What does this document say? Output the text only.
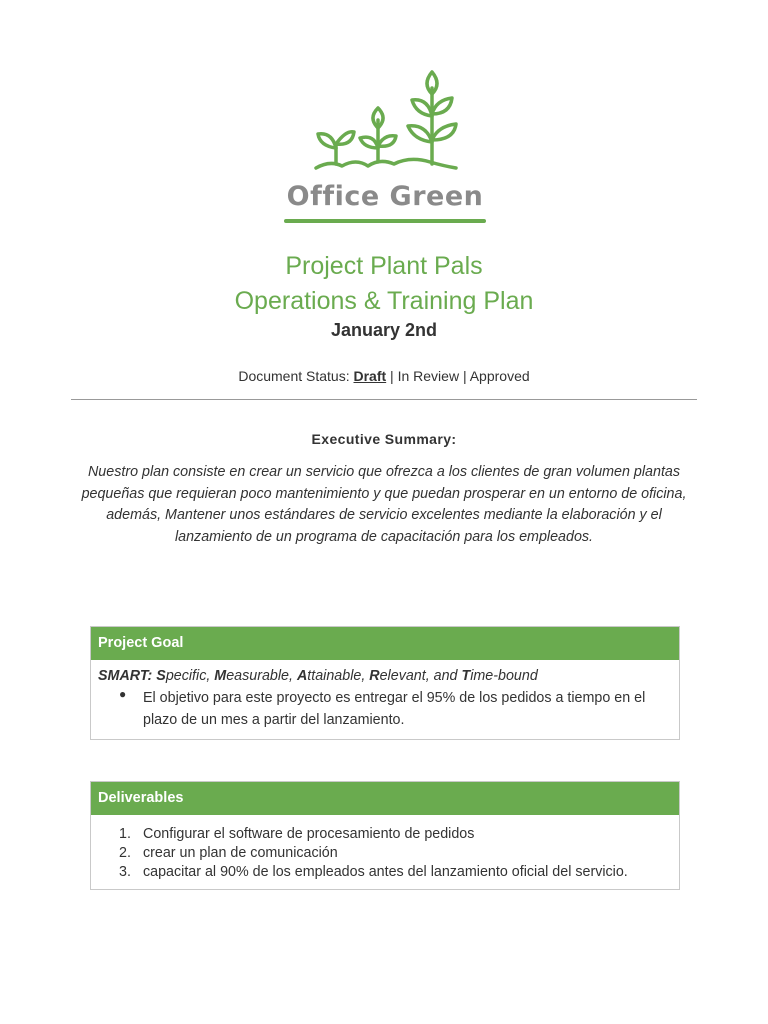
Office Green
Project Plant Pals
Operations & Training Plan
January 2nd
Document Status: Draft | In Review | Approved
Executive Summary:
Nuestro plan consiste en crear un servicio que ofrezca a los clientes de gran volumen plantas pequeñas que requieran poco mantenimiento y que puedan prosperar en un entorno de oficina, además, Mantener unos estándares de servicio excelentes mediante la elaboración y el lanzamiento de un programa de capacitación para los empleados.
Project Goal
SMART: Specific, Measurable, Attainable, Relevant, and Time-bound
● El objetivo para este proyecto es entregar el 95% de los pedidos a tiempo en el plazo de un mes a partir del lanzamiento.
Deliverables
1. Configurar el software de procesamiento de pedidos
2. crear un plan de comunicación
3. capacitar al 90% de los empleados antes del lanzamiento oficial del servicio.
